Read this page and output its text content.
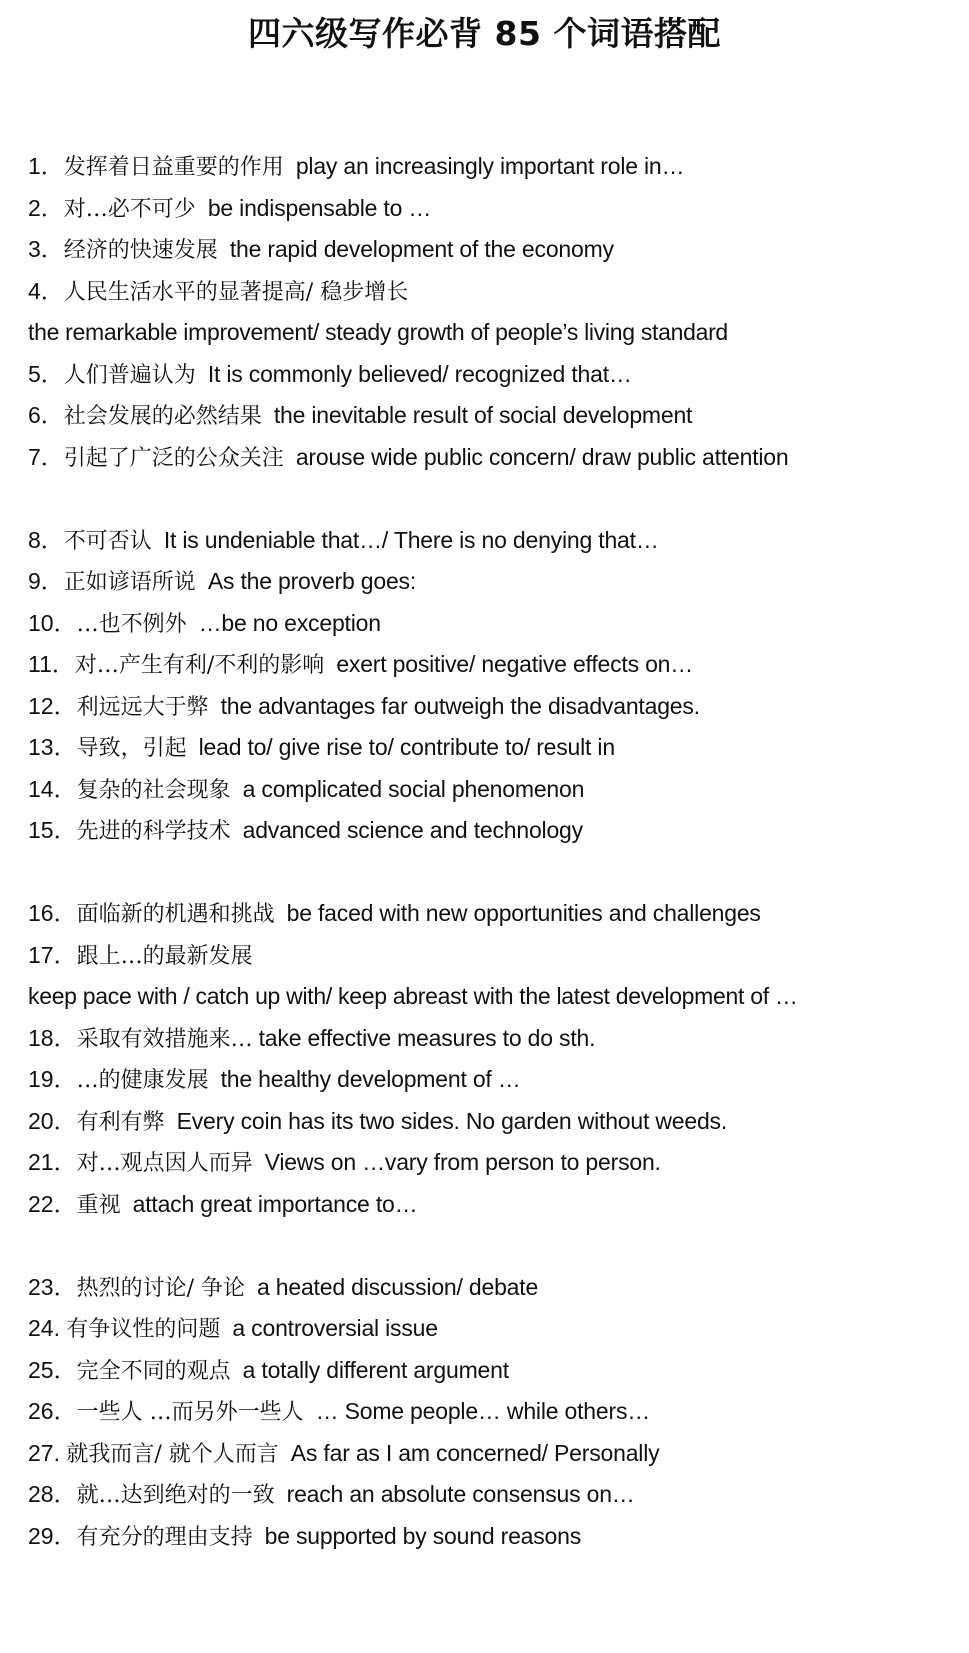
四六级写作必背 85 个词语搭配
1．发挥着日益重要的作用 play an increasingly important role in…
2．对…必不可少 be indispensable to …
3．经济的快速发展 the rapid development of the economy
4．人民生活水平的显著提高/ 稳步增长
the remarkable improvement/ steady growth of people’s living standard
5．人们普遍认为 It is commonly believed/ recognized that…
6．社会发展的必然结果 the inevitable result of social development
7．引起了广泛的公众关注 arouse wide public concern/ draw public attention
8．不可否认 It is undeniable that…/ There is no denying that…
9．正如谚语所说 As the proverb goes:
10．…也不例外 …be no exception
11．对…产生有利/不利的影响 exert positive/ negative effects on…
12．利远远大于弊 the advantages far outweigh the disadvantages.
13．导致，引起 lead to/ give rise to/ contribute to/ result in
14．复杂的社会现象 a complicated social phenomenon
15．先进的科学技术 advanced science and technology
16．面临新的机遇和挑战 be faced with new opportunities and challenges
17．跟上…的最新发展
keep pace with / catch up with/ keep abreast with the latest development of …
18．采取有效措施来… take effective measures to do sth.
19．…的健康发展 the healthy development of …
20．有利有弊 Every coin has its two sides. No garden without weeds.
21．对…观点因人而异 Views on …vary from person to person.
22．重视 attach great importance to…
23．热烈的讨论/ 争论 a heated discussion/ debate
24. 有争议性的问题 a controversial issue
25．完全不同的观点 a totally different argument
26．一些人 …而另外一些人 … Some people… while others…
27. 就我而言/ 就个人而言 As far as I am concerned/ Personally
28．就…达到绝对的一致 reach an absolute consensus on…
29．有充分的理由支持 be supported by sound reasons
